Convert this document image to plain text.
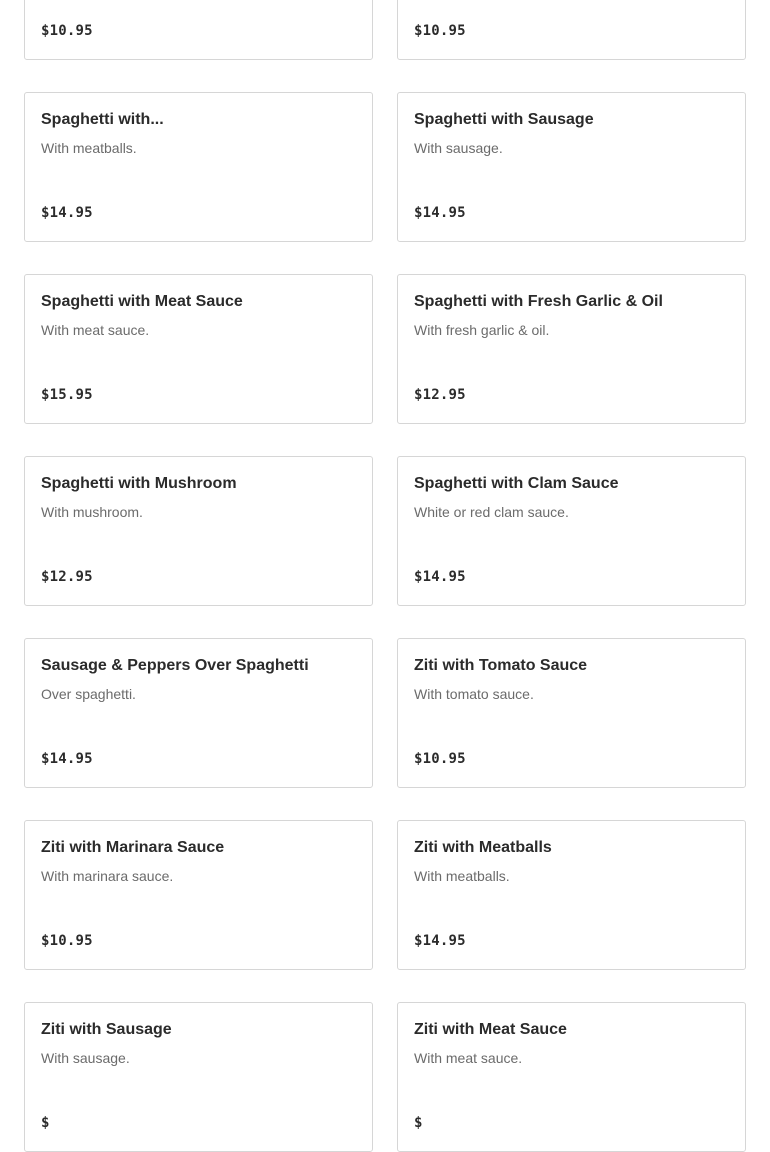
$10.95	$10.95
Spaghetti with...
With meatballs.
$14.95
Spaghetti with Sausage
With sausage.
$14.95
Spaghetti with Meat Sauce
With meat sauce.
$15.95
Spaghetti with Fresh Garlic & Oil
With fresh garlic & oil.
$12.95
Spaghetti with Mushroom
With mushroom.
$12.95
Spaghetti with Clam Sauce
White or red clam sauce.
$14.95
Sausage & Peppers Over Spaghetti
Over spaghetti.
$14.95
Ziti with Tomato Sauce
With tomato sauce.
$10.95
Ziti with Marinara Sauce
With marinara sauce.
$10.95
Ziti with Meatballs
With meatballs.
$14.95
Ziti with Sausage
With sausage.
$
Ziti with Meat Sauce
With meat sauce.
$
